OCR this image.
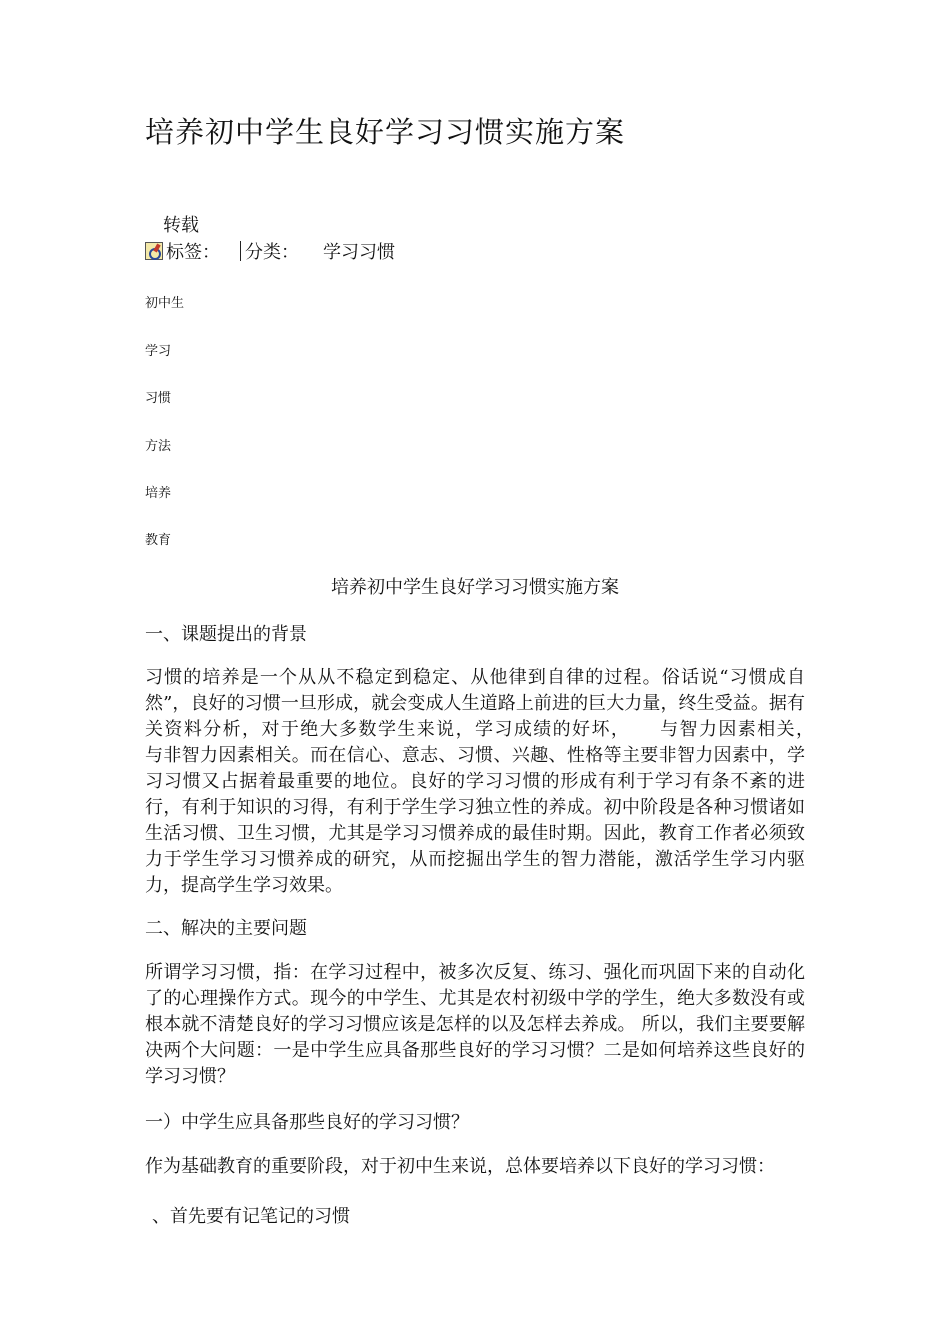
培养初中学生良好学习习惯实施方案
转载
标签： 分类： 学习习惯
初中生
学习
习惯
方法
培养
教育
培养初中学生良好学习习惯实施方案
一、课题提出的背景

习惯的培养是一个从从不稳定到稳定、从他律到自律的过程。俗话说“习惯成自然”，良好的习惯一旦形成，就会变成人生道路上前进的巨大力量，终生受益。据有关资料分析，对于绝大多数学生来说，学习成绩的好坏，　　与智力因素相关，　　与非智力因素相关。而在信心、意志、习惯、兴趣、性格等主要非智力因素中，学习习惯又占据着最重要的地位。良好的学习习惯的形成有利于学习有条不紊的进行，有利于知识的习得，有利于学生学习独立性的养成。初中阶段是各种习惯诸如生活习惯、卫生习惯，尤其是学习习惯养成的最佳时期。因此，教育工作者必须致力于学生学习习惯养成的研究，从而挖掘出学生的智力潜能，激活学生学习内驱力，提高学生学习效果。

二、解决的主要问题

所谓学习习惯，指：在学习过程中，被多次反复、练习、强化而巩固下来的自动化了的心理操作方式。现今的中学生、尤其是农村初级中学的学生，绝大多数没有或根本就不清楚良好的学习习惯应该是怎样的以及怎样去养成。 所以，我们主要要解决两个大问题：一是中学生应具备那些良好的学习习惯？二是如何培养这些良好的学习习惯？

一）中学生应具备那些良好的学习习惯？

作为基础教育的重要阶段，对于初中生来说，总体要培养以下良好的学习习惯：

、首先要有记笔记的习惯
